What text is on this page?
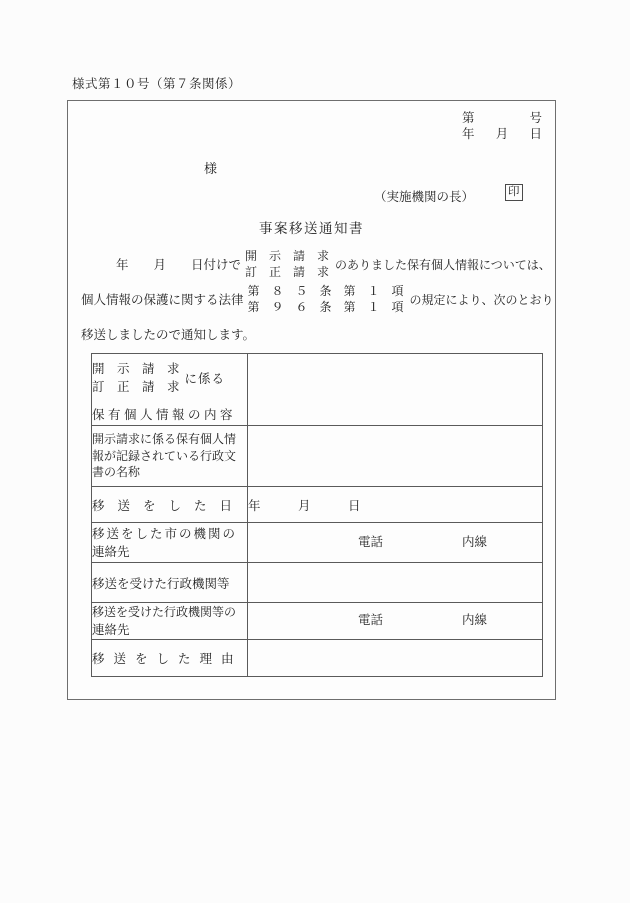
様式第１０号（第７条関係）
第	号
年 月 日
様
（実施機関の長）	印
事案移送通知書
年　　月　　日付けで
開　示　請　求
訂　正　請　求
のありました保有個人情報については、
個人情報の保護に関する法律
第　８　５　条　第　１　項
第　９　６　条　第　１　項
の規定により、次のとおり
移送しましたので通知します。
開　示　請　求
訂　正　請　求
に係る
保有個人情報の内容	

開示請求に係る保有個人情報が記録されている行政文書の名称	

移送をした日	年　　　月　　　日

移送をした市の機関の
連絡先	電話 内線

移送を受けた行政機関等	

移送を受けた行政機関等の
連絡先	電話 内線

移送をした理由	
